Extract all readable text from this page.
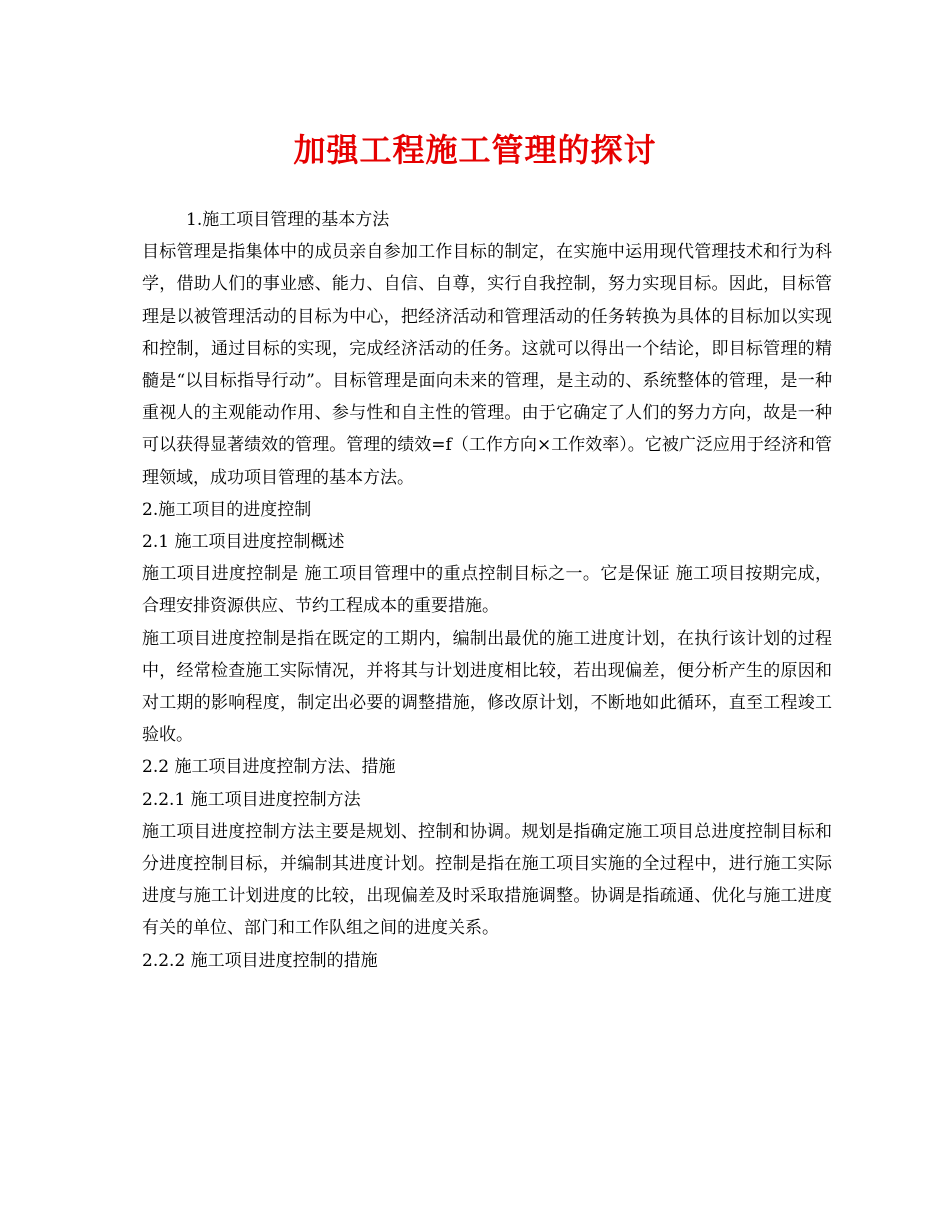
加强工程施工管理的探讨

1.施工项目管理的基本方法

目标管理是指集体中的成员亲自参加工作目标的制定，在实施中运用现代管理技术和行为科学，借助人们的事业感、能力、自信、自尊，实行自我控制，努力实现目标。因此，目标管理是以被管理活动的目标为中心，把经济活动和管理活动的任务转换为具体的目标加以实现和控制，通过目标的实现，完成经济活动的任务。这就可以得出一个结论，即目标管理的精髓是“以目标指导行动”。目标管理是面向未来的管理，是主动的、系统整体的管理，是一种重视人的主观能动作用、参与性和自主性的管理。由于它确定了人们的努力方向，故是一种可以获得显著绩效的管理。管理的绩效=f（工作方向×工作效率）。它被广泛应用于经济和管理领域，成功项目管理的基本方法。

2.施工项目的进度控制

2.1 施工项目进度控制概述

施工项目进度控制是 施工项目管理中的重点控制目标之一。它是保证 施工项目按期完成，合理安排资源供应、节约工程成本的重要措施。

施工项目进度控制是指在既定的工期内，编制出最优的施工进度计划，在执行该计划的过程中，经常检查施工实际情况，并将其与计划进度相比较，若出现偏差，便分析产生的原因和对工期的影响程度，制定出必要的调整措施，修改原计划，不断地如此循环，直至工程竣工验收。

2.2 施工项目进度控制方法、措施

2.2.1 施工项目进度控制方法

施工项目进度控制方法主要是规划、控制和协调。规划是指确定施工项目总进度控制目标和分进度控制目标，并编制其进度计划。控制是指在施工项目实施的全过程中，进行施工实际进度与施工计划进度的比较，出现偏差及时采取措施调整。协调是指疏通、优化与施工进度有关的单位、部门和工作队组之间的进度关系。

2.2.2 施工项目进度控制的措施
